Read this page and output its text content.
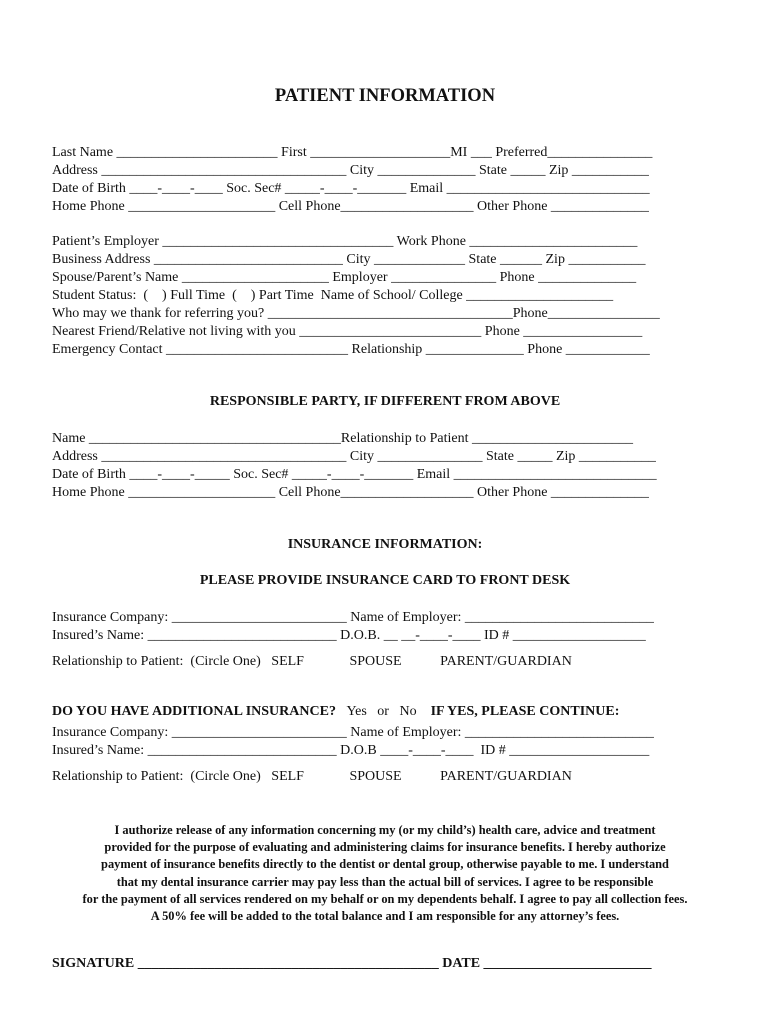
PATIENT INFORMATION
Last Name _______________________ First ____________________MI ___ Preferred_______________
Address ___________________________________ City ______________ State _____ Zip ___________
Date of Birth ____-____-____ Soc. Sec# _____-____-_______ Email _____________________________
Home Phone _____________________ Cell Phone___________________ Other Phone ______________
Patient’s Employer _________________________________ Work Phone ________________________
Business Address ___________________________ City _____________ State ______ Zip ___________
Spouse/Parent’s Name _____________________ Employer _______________ Phone ______________
Student Status:  (    ) Full Time  (    ) Part Time  Name of School/ College _____________________
Who may we thank for referring you? ___________________________________Phone________________
Nearest Friend/Relative not living with you __________________________ Phone _________________
Emergency Contact __________________________ Relationship ______________ Phone ____________
RESPONSIBLE PARTY, IF DIFFERENT FROM ABOVE
Name ____________________________________Relationship to Patient _______________________
Address ___________________________________ City _______________ State _____ Zip ___________
Date of Birth ____-____-_____ Soc. Sec# _____-____-_______ Email _____________________________
Home Phone _____________________ Cell Phone___________________ Other Phone ______________
INSURANCE INFORMATION:
PLEASE PROVIDE INSURANCE CARD TO FRONT DESK
Insurance Company: _________________________ Name of Employer: ___________________________
Insured’s Name: ___________________________ D.O.B. __ __-____-____ ID # ___________________
Relationship to Patient:  (Circle One)   SELF             SPOUSE           PARENT/GUARDIAN

DO YOU HAVE ADDITIONAL INSURANCE? Yes   or   No IF YES, PLEASE CONTINUE:

Insurance Company: _________________________ Name of Employer: ___________________________
Insured’s Name: ___________________________ D.O.B ____-____-____  ID # ____________________
Relationship to Patient:  (Circle One)   SELF             SPOUSE           PARENT/GUARDIAN
I authorize release of any information concerning my (or my child’s) health care, advice and treatment
provided for the purpose of evaluating and administering claims for insurance benefits. I hereby authorize
payment of insurance benefits directly to the dentist or dental group, otherwise payable to me. I understand
that my dental insurance carrier may pay less than the actual bill of services. I agree to be responsible
for the payment of all services rendered on my behalf or on my dependents behalf. I agree to pay all collection fees.
A 50% fee will be added to the total balance and I am responsible for any attorney’s fees.
SIGNATURE ___________________________________________ DATE ________________________
